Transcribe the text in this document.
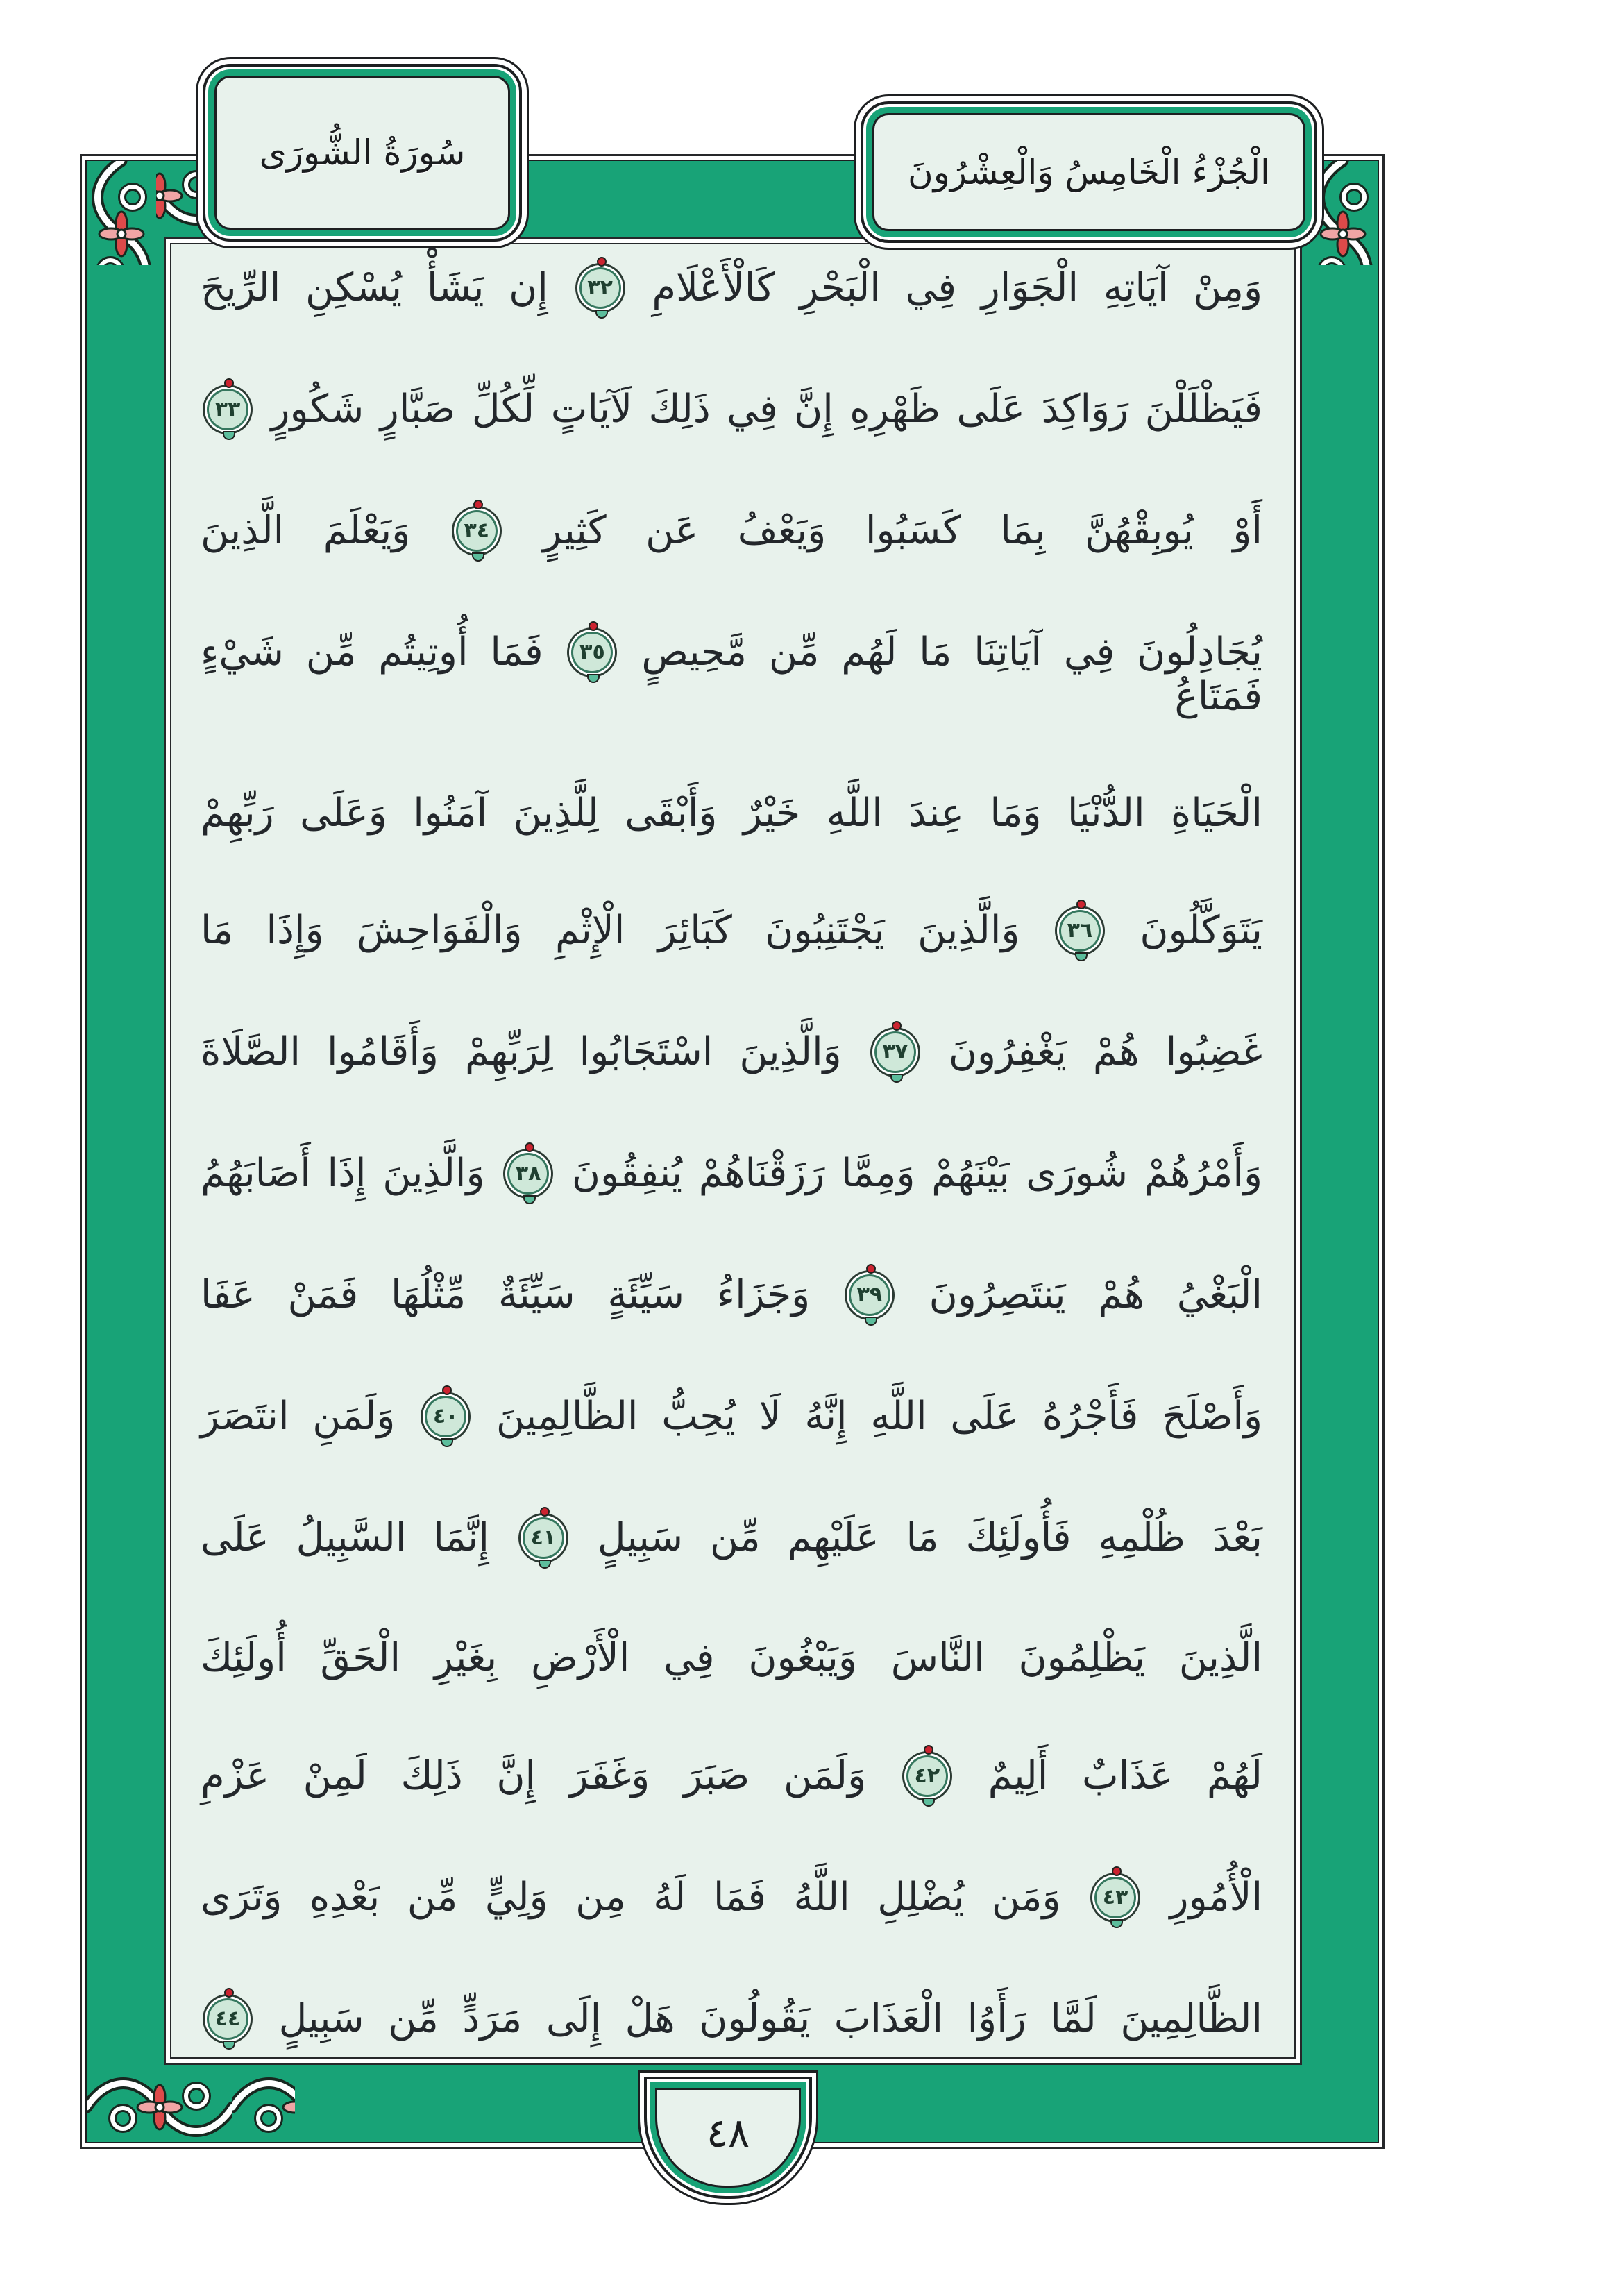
وَمِنْ آيَاتِهِ الْجَوَارِ فِي الْبَحْرِ كَالْأَعْلَامِ ٣٢ إِن يَشَأْ يُسْكِنِ الرِّيحَ
فَيَظْلَلْنَ رَوَاكِدَ عَلَى ظَهْرِهِ إِنَّ فِي ذَلِكَ لَآيَاتٍ لِّكُلِّ صَبَّارٍ شَكُورٍ ٣٣
أَوْ يُوبِقْهُنَّ بِمَا كَسَبُوا وَيَعْفُ عَن كَثِيرٍ ٣٤ وَيَعْلَمَ الَّذِينَ
يُجَادِلُونَ فِي آيَاتِنَا مَا لَهُم مِّن مَّحِيصٍ ٣٥ فَمَا أُوتِيتُم مِّن شَيْءٍ فَمَتَاعُ
الْحَيَاةِ الدُّنْيَا وَمَا عِندَ اللَّهِ خَيْرٌ وَأَبْقَى لِلَّذِينَ آمَنُوا وَعَلَى رَبِّهِمْ
يَتَوَكَّلُونَ ٣٦ وَالَّذِينَ يَجْتَنِبُونَ كَبَائِرَ الْإِثْمِ وَالْفَوَاحِشَ وَإِذَا مَا
غَضِبُوا هُمْ يَغْفِرُونَ ٣٧ وَالَّذِينَ اسْتَجَابُوا لِرَبِّهِمْ وَأَقَامُوا الصَّلَاةَ
وَأَمْرُهُمْ شُورَى بَيْنَهُمْ وَمِمَّا رَزَقْنَاهُمْ يُنفِقُونَ ٣٨ وَالَّذِينَ إِذَا أَصَابَهُمُ
الْبَغْيُ هُمْ يَنتَصِرُونَ ٣٩ وَجَزَاءُ سَيِّئَةٍ سَيِّئَةٌ مِّثْلُهَا فَمَنْ عَفَا
وَأَصْلَحَ فَأَجْرُهُ عَلَى اللَّهِ إِنَّهُ لَا يُحِبُّ الظَّالِمِينَ ٤٠ وَلَمَنِ انتَصَرَ
بَعْدَ ظُلْمِهِ فَأُولَئِكَ مَا عَلَيْهِم مِّن سَبِيلٍ ٤١ إِنَّمَا السَّبِيلُ عَلَى
الَّذِينَ يَظْلِمُونَ النَّاسَ وَيَبْغُونَ فِي الْأَرْضِ بِغَيْرِ الْحَقِّ أُولَئِكَ
لَهُمْ عَذَابٌ أَلِيمٌ ٤٢ وَلَمَن صَبَرَ وَغَفَرَ إِنَّ ذَلِكَ لَمِنْ عَزْمِ
الْأُمُورِ ٤٣ وَمَن يُضْلِلِ اللَّهُ فَمَا لَهُ مِن وَلِيٍّ مِّن بَعْدِهِ وَتَرَى
الظَّالِمِينَ لَمَّا رَأَوُا الْعَذَابَ يَقُولُونَ هَلْ إِلَى مَرَدٍّ مِّن سَبِيلٍ ٤٤
سُورَةُ الشُّورَى	الْجُزْءُ الْخَامِسُ وَالْعِشْرُونَ
٤٨
